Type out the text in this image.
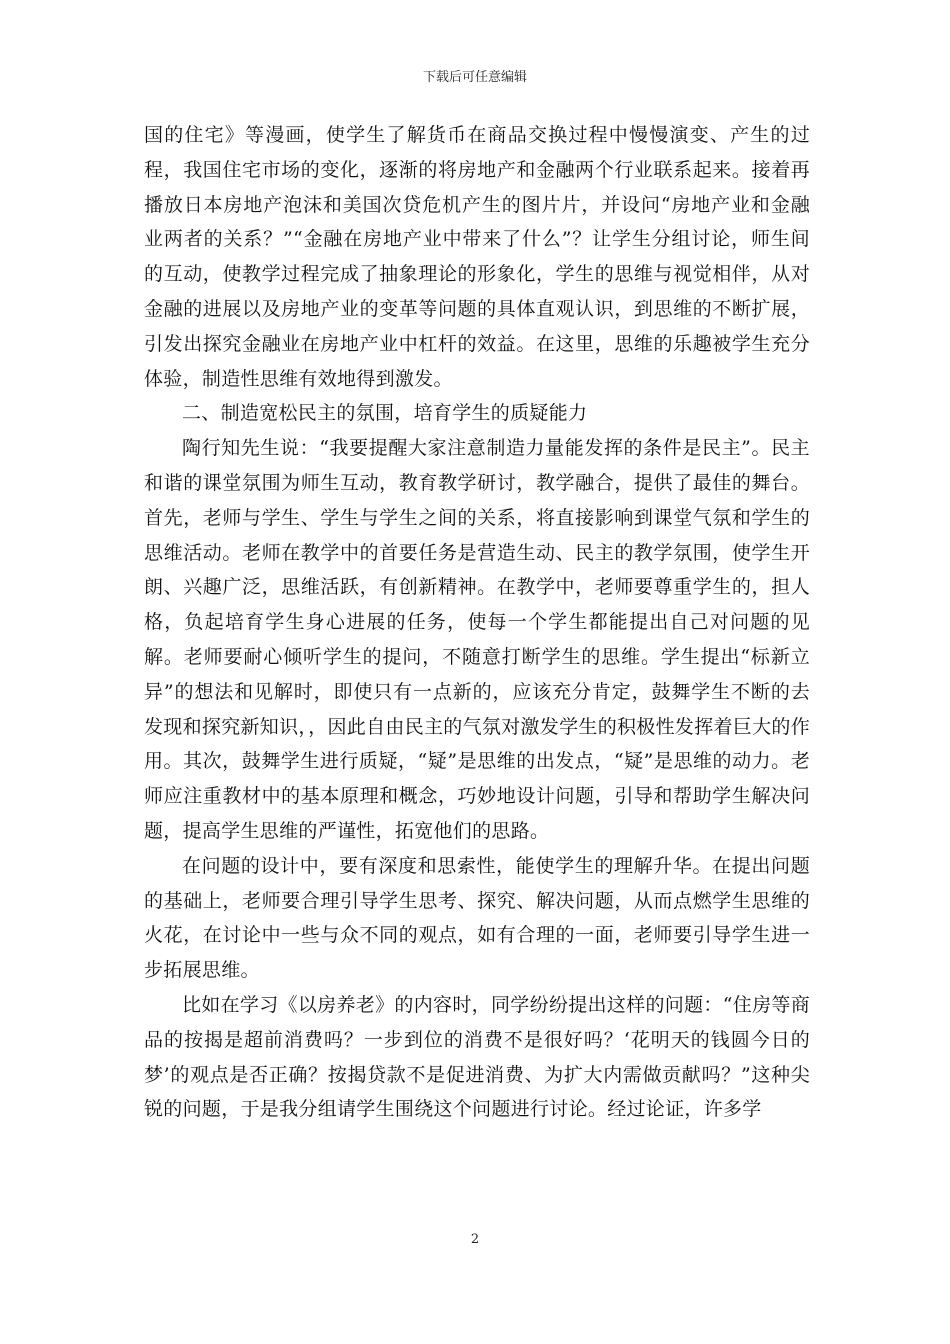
下载后可任意编辑

国的住宅》等漫画，使学生了解货币在商品交换过程中慢慢演变、产生的过程，我国住宅市场的变化，逐渐的将房地产和金融两个行业联系起来。接着再播放日本房地产泡沫和美国次贷危机产生的图片片，并设问“房地产业和金融业两者的关系？”“金融在房地产业中带来了什么”？让学生分组讨论，师生间的互动，使教学过程完成了抽象理论的形象化，学生的思维与视觉相伴，从对金融的进展以及房地产业的变革等问题的具体直观认识，到思维的不断扩展，引发出探究金融业在房地产业中杠杆的效益。在这里，思维的乐趣被学生充分体验，制造性思维有效地得到激发。

二、制造宽松民主的氛围，培育学生的质疑能力

陶行知先生说：“我要提醒大家注意制造力量能发挥的条件是民主”。民主和谐的课堂氛围为师生互动，教育教学研讨，教学融合，提供了最佳的舞台。首先，老师与学生、学生与学生之间的关系，将直接影响到课堂气氛和学生的思维活动。老师在教学中的首要任务是营造生动、民主的教学氛围，使学生开朗、兴趣广泛，思维活跃，有创新精神。在教学中，老师要尊重学生的，担人格，负起培育学生身心进展的任务，使每一个学生都能提出自己对问题的见解。老师要耐心倾听学生的提问，不随意打断学生的思维。学生提出“标新立异”的想法和见解时，即使只有一点新的，应该充分肯定，鼓舞学生不断的去发现和探究新知识，，因此自由民主的气氛对激发学生的积极性发挥着巨大的作用。其次，鼓舞学生进行质疑，“疑”是思维的出发点，“疑”是思维的动力。老师应注重教材中的基本原理和概念，巧妙地设计问题，引导和帮助学生解决问题，提高学生思维的严谨性，拓宽他们的思路。

在问题的设计中，要有深度和思索性，能使学生的理解升华。在提出问题的基础上，老师要合理引导学生思考、探究、解决问题，从而点燃学生思维的火花，在讨论中一些与众不同的观点，如有合理的一面，老师要引导学生进一步拓展思维。

比如在学习《以房养老》的内容时，同学纷纷提出这样的问题：“住房等商品的按揭是超前消费吗？一步到位的消费不是很好吗？‘花明天的钱圆今日的梦’的观点是否正确？按揭贷款不是促进消费、为扩大内需做贡献吗？”这种尖锐的问题，于是我分组请学生围绕这个问题进行讨论。经过论证，许多学

2
